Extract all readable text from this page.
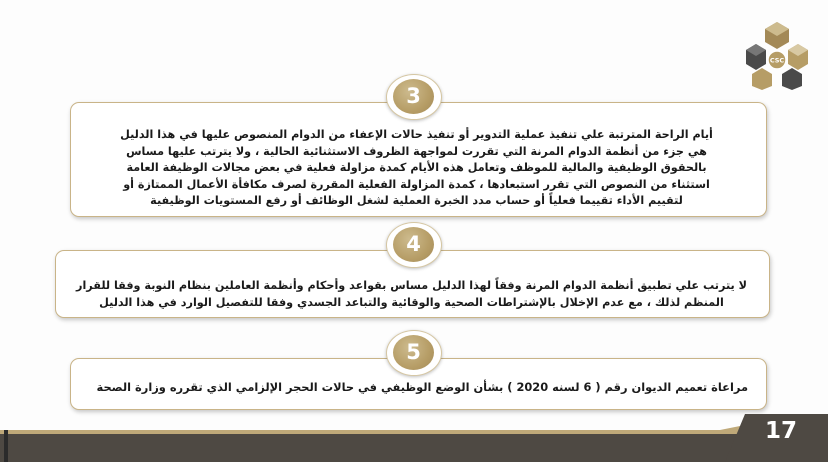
CSC

أيام الراحة المترتبة علي تنفيذ عملية التدوير أو تنفيذ حالات الإعفاء من الدوام المنصوص عليها في هذا الدليل

هي جزء من أنظمة الدوام المرنة التي تقررت لمواجهة الظروف الاستثنائية الحالية ، ولا يترتب عليها مساس

بالحقوق الوظيفية والمالية للموظف وتعامل هذه الأيام كمدة مزاولة فعلية في بعض مجالات الوظيفة العامة

استثناء من النصوص التي تقرر استبعادها ، كمدة المزاولة الفعلية المقررة لصرف مكافأة الأعمال الممتازة أو

لتقييم الأداء تقييما فعلياً أو حساب مدد الخبرة العملية لشغل الوظائف أو رفع المستويات الوظيفية

3

لا يترتب علي تطبيق أنظمة الدوام المرنة وفقاً لهذا الدليل مساس بقواعد وأحكام وأنظمة العاملين بنظام النوبة وفقا للقرار

المنظم لذلك ، مع عدم الإخلال بالإشتراطات الصحية والوقائية والتباعد الجسدي وفقا للتفصيل الوارد في هذا الدليل

4

مراعاة تعميم الديوان رقم ( 6 لسنه 2020 ) بشأن الوضع الوظيفي في حالات الحجر الإلزامي الذي تقرره وزارة الصحة

5
17
